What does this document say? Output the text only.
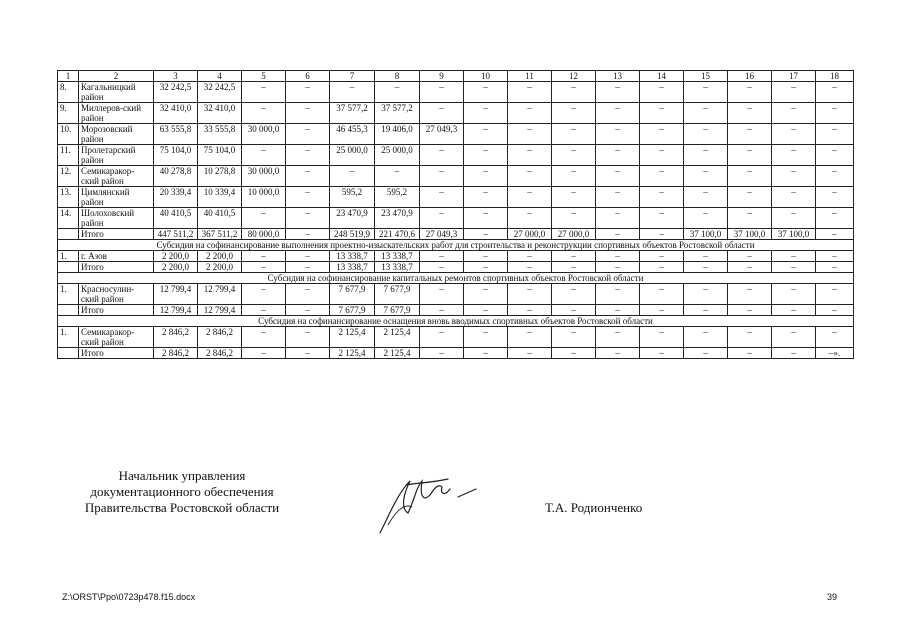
1	2	3	4	5	6	7	8	9	10	11	12	13	14	15	16	17	18
8.	Кагальницкий район	32 242,5	32 242,5	–	–	–	–	–	–	–	–	–	–	–	–	–	–
9.	Миллеров-ский район	32 410,0	32 410,0	–	–	37 577,2	37 577,2	–	–	–	–	–	–	–	–	–	–
10.	Морозовский район	63 555,8	33 555,8	30 000,0	–	46 455,3	19 406,0	27 049,3	–	–	–	–	–	–	–	–	–
11.	Пролетарский район	75 104,0	75 104,0	–	–	25 000,0	25 000,0	–	–	–	–	–	–	–	–	–	–
12.	Семикаракор-ский район	40 278,8	10 278,8	30 000,0	–	–	–	–	–	–	–	–	–	–	–	–	–
13.	Цимлянский район	20 339,4	10 339,4	10 000,0	–	595,2	595,2	–	–	–	–	–	–	–	–	–	–
14.	Шолоховский район	40 410,5	40 410,5	–	–	23 470,9	23 470,9	–	–	–	–	–	–	–	–	–	–
	Итого	447 511,2	367 511,2	80 000,0	–	248 519,9	221 470,6	27 049,3	–	27 000,0	27 000,0	–	–	37 100,0	37 100,0	37 100,0	–
Субсидия на софинансирование выполнения проектно-изыскательских работ для строительства и реконструкции спортивных объектов Ростовской области																	
1.	г. Азов	2 200,0	2 200,0	–	–	13 338,7	13 338,7	–	–	–	–	–	–	–	–	–	–
	Итого	2 200,0	2 200,0	–	–	13 338,7	13 338,7	–	–	–	–	–	–	–	–	–	–
Субсидия на софинансирование капитальных ремонтов спортивных объектов Ростовской области																	
1.	Красносулин-ский район	12 799,4	12 799,4	–	–	7 677,9	7 677,9	–	–	–	–	–	–	–	–	–	–
	Итого	12 799,4	12 799,4	–	–	7 677,9	7 677,9	–	–	–	–	–	–	–	–	–	–
Субсидия на софинансирование оснащения вновь вводимых спортивных объектов Ростовской области																	
1.	Семикаракор-ский район	2 846,2	2 846,2	–	–	2 125,4	2 125,4	–	–	–	–	–	–	–	–	–	–
	Итого	2 846,2	2 846,2	–	–	2 125,4	2 125,4	–	–	–	–	–	–	–	–	–	–».
Начальник управления
документационного обеспечения
Правительства Ростовской области	Т.А. Родионченко
Z:\ORST\Ppo\0723p478.f15.docx	39
